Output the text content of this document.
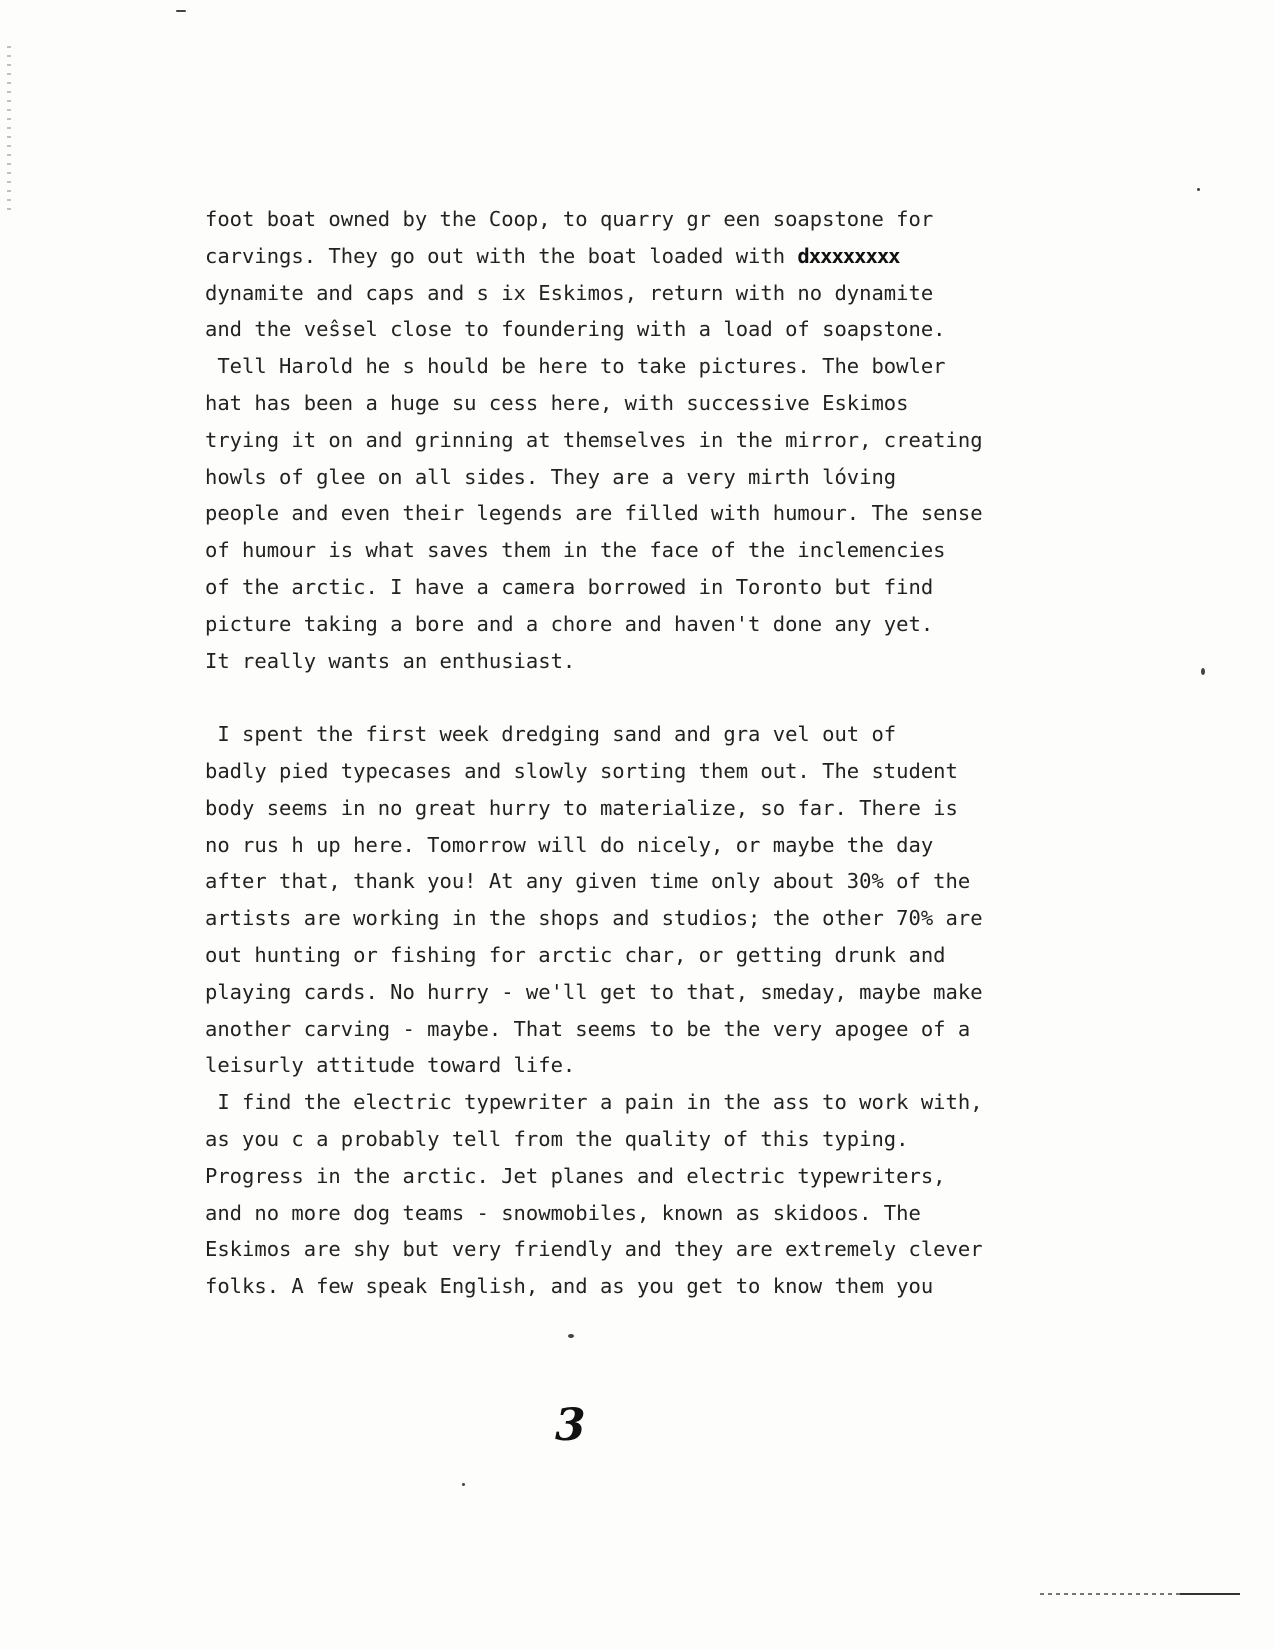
foot boat owned by the Coop, to quarry gr een soapstone for
carvings. They go out with the boat loaded with dxxxxxxxx
dynamite and caps and s ix Eskimos, return with no dynamite
and the veŝsel close to foundering with a load of soapstone.
Tell Harold he s hould be here to take pictures. The bowler
hat has been a huge su cess here, with successive Eskimos
trying it on and grinning at themselves in the mirror, creating
howls of glee on all sides. They are a very mirth lóving
people and even their legends are filled with humour. The sense
of humour is what saves them in the face of the inclemencies
of the arctic. I have a camera borrowed in Toronto but find
picture taking a bore and a chore and haven't done any yet.
It really wants an enthusiast.
I spent the first week dredging sand and gra vel out of
badly pied typecases and slowly sorting them out. The student
body seems in no great hurry to materialize, so far. There is
no rus h up here. Tomorrow will do nicely, or maybe the day
after that, thank you! At any given time only about 30% of the
artists are working in the shops and studios; the other 70% are
out hunting or fishing for arctic char, or getting drunk and
playing cards. No hurry - we'll get to that, smeday, maybe make
another carving - maybe. That seems to be the very apogee of a
leisurly attitude toward life.
I find the electric typewriter a pain in the ass to work with,
as you c a probably tell from the quality of this typing.
Progress in the arctic. Jet planes and electric typewriters,
and no more dog teams - snowmobiles, known as skidoos. The
Eskimos are shy but very friendly and they are extremely clever
folks. A few speak English, and as you get to know them you
3
